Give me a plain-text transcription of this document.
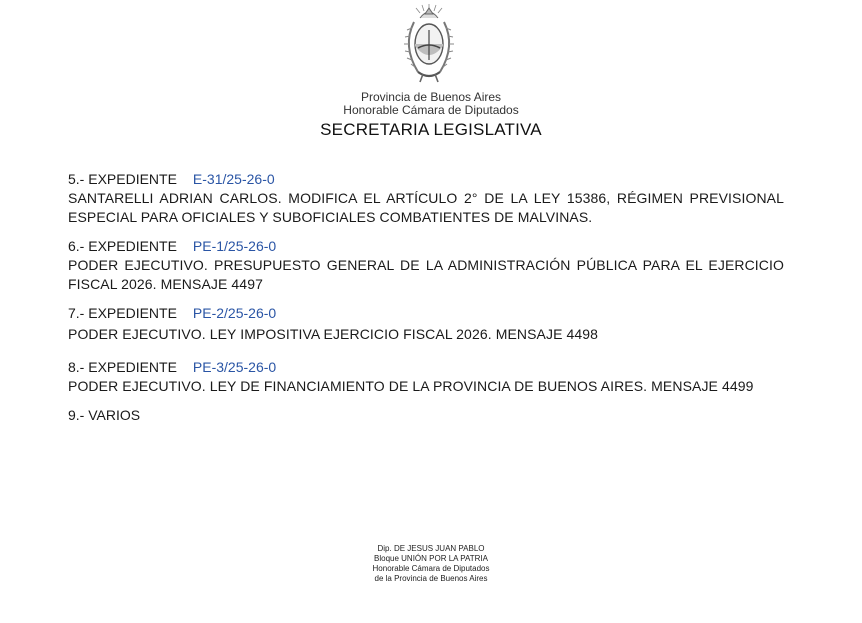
Provincia de Buenos Aires
Honorable Cámara de Diputados
SECRETARIA LEGISLATIVA
5.- EXPEDIENTE E-31/25-26-0
SANTARELLI ADRIAN CARLOS. MODIFICA EL ARTÍCULO 2° DE LA LEY 15386, RÉGIMEN PREVISIONAL ESPECIAL PARA OFICIALES Y SUBOFICIALES COMBATIENTES DE MALVINAS.
6.- EXPEDIENTE PE-1/25-26-0
PODER EJECUTIVO. PRESUPUESTO GENERAL DE LA ADMINISTRACIÓN PÚBLICA PARA EL EJERCICIO FISCAL 2026. MENSAJE 4497
7.- EXPEDIENTE PE-2/25-26-0
PODER EJECUTIVO. LEY IMPOSITIVA EJERCICIO FISCAL 2026. MENSAJE 4498
8.- EXPEDIENTE PE-3/25-26-0
PODER EJECUTIVO. LEY DE FINANCIAMIENTO DE LA PROVINCIA DE BUENOS AIRES. MENSAJE 4499
9.- VARIOS
Dip. DE JESUS JUAN PABLO
Bloque UNIÓN POR LA PATRIA
Honorable Cámara de Diputados
de la Provincia de Buenos Aires
